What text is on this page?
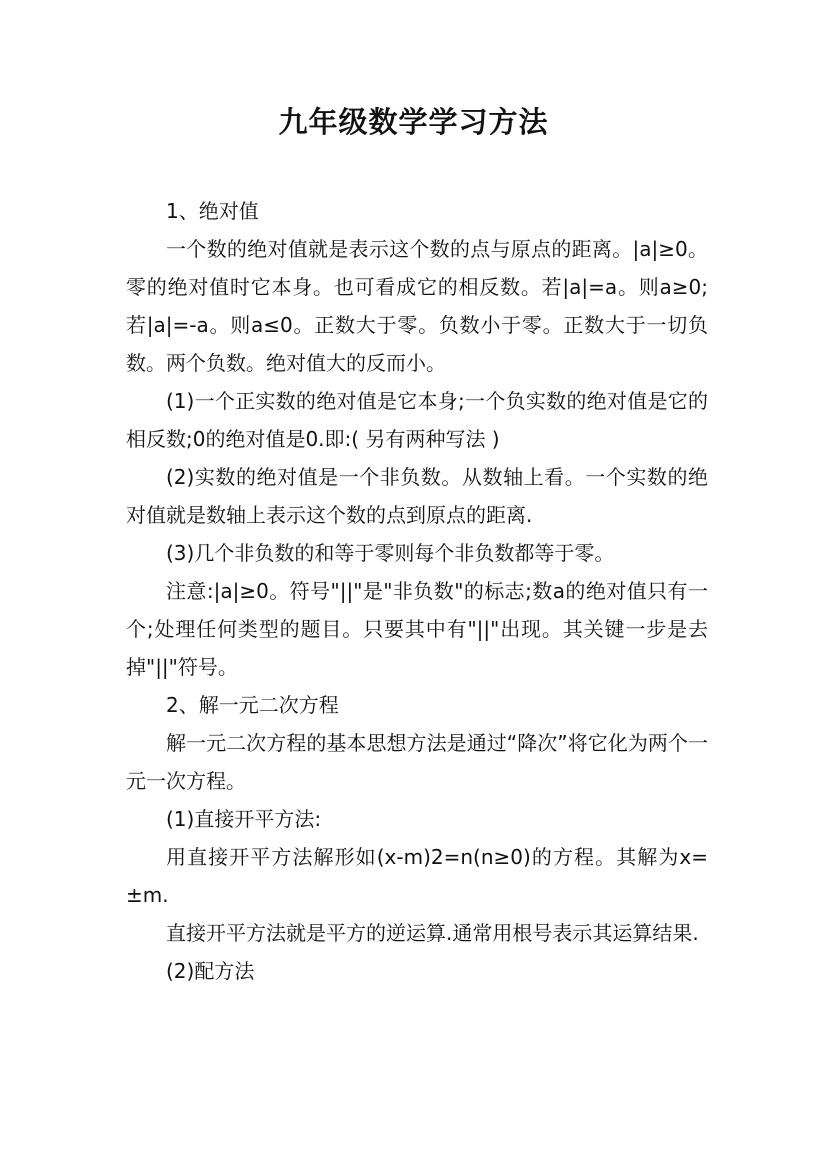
九年级数学学习方法

1、绝对值

一个数的绝对值就是表示这个数的点与原点的距离。|a|≥0。零的绝对值时它本身。也可看成它的相反数。若|a|=a。则a≥0;若|a|=-a。则a≤0。正数大于零。负数小于零。正数大于一切负数。两个负数。绝对值大的反而小。

(1)一个正实数的绝对值是它本身;一个负实数的绝对值是它的相反数;0的绝对值是0.即:( 另有两种写法 )

(2)实数的绝对值是一个非负数。从数轴上看。一个实数的绝对值就是数轴上表示这个数的点到原点的距离.

(3)几个非负数的和等于零则每个非负数都等于零。

注意:|a|≥0。符号"||"是"非负数"的标志;数a的绝对值只有一个;处理任何类型的题目。只要其中有"||"出现。其关键一步是去掉"||"符号。

2、解一元二次方程

解一元二次方程的基本思想方法是通过“降次”将它化为两个一元一次方程。

(1)直接开平方法:

用直接开平方法解形如(x-m)2=n(n≥0)的方程。其解为x=±m.

直接开平方法就是平方的逆运算.通常用根号表示其运算结果.

(2)配方法
